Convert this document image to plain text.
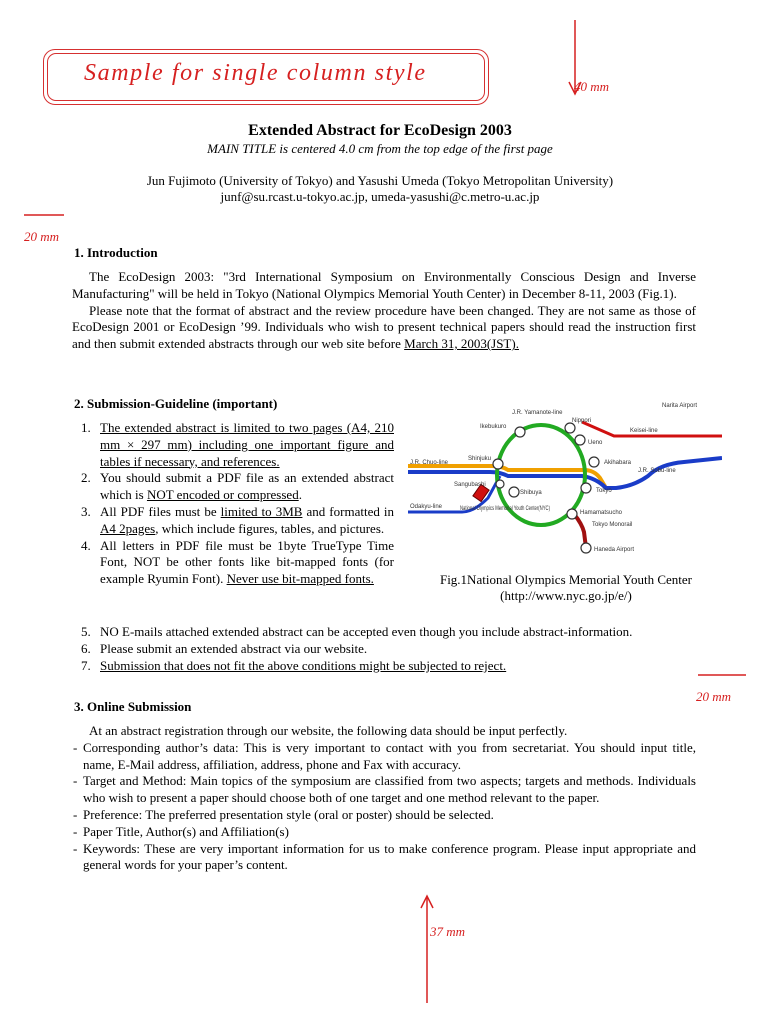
Sample for single column style
40 mm
20 mm
20 mm
37 mm
Extended Abstract for EcoDesign 2003
MAIN TITLE is centered 4.0 cm from the top edge of the first page
Jun Fujimoto (University of Tokyo) and Yasushi Umeda (Tokyo Metropolitan University)
junf@su.rcast.u-tokyo.ac.jp, umeda-yasushi@c.metro-u.ac.jp
1. Introduction

The EcoDesign 2003: "3rd International Symposium on Environmentally Conscious Design and Inverse Manufacturing" will be held in Tokyo (National Olympics Memorial Youth Center) in December 8-11, 2003 (Fig.1).

Please note that the format of abstract and the review procedure have been changed. They are not same as those of EcoDesign 2001 or EcoDesign ’99. Individuals who wish to present technical papers should read the instruction first and then submit extended abstracts through our web site before March 31, 2003(JST).

2. Submission-Guideline (important)
1. The extended abstract is limited to two pages (A4, 210 mm × 297 mm) including one important figure and tables if necessary, and references.
2. You should submit a PDF file as an extended abstract which is NOT encoded or compressed.
3. All PDF files must be limited to 3MB and formatted in A4 2pages, which include figures, tables, and pictures.
4. All letters in PDF file must be 1byte TrueType Time Font, NOT be other fonts like bit-mapped fonts (for example Ryumin Font). Never use bit-mapped fonts.
5. NO E-mails attached extended abstract can be accepted even though you include abstract-information.
6. Please submit an extended abstract via our website.
7. Submission that does not fit the above conditions might be subjected to reject.
J.R. Yamanote-line
Ikebukuro
Nippori
Ueno
Keisei-line
Narita Airport
Shinjuku
Akihabara
J.R. Chuo-line
J.R. Sobu-line
Sangubashi
Shibuya	Tokyo
Odakyu-line	National Olympics Memorial Youth Center(NYC)
Hamamatsucho
Tokyo Monorail
Haneda Airport
Fig.1National Olympics Memorial Youth Center
(http://www.nyc.go.jp/e/)
3. Online Submission

At an abstract registration through our website, the following data should be input perfectly.

- Corresponding author’s data: This is very important to contact with you from secretariat. You should input title, name, E-Mail address, affiliation, address, phone and Fax with accuracy.
- Target and Method: Main topics of the symposium are classified from two aspects; targets and methods. Individuals who wish to present a paper should choose both of one target and one method relevant to the paper.
- Preference: The preferred presentation style (oral or poster) should be selected.
- Paper Title, Author(s) and Affiliation(s)
- Keywords: These are very important information for us to make conference program. Please input appropriate and general words for your paper’s content.
